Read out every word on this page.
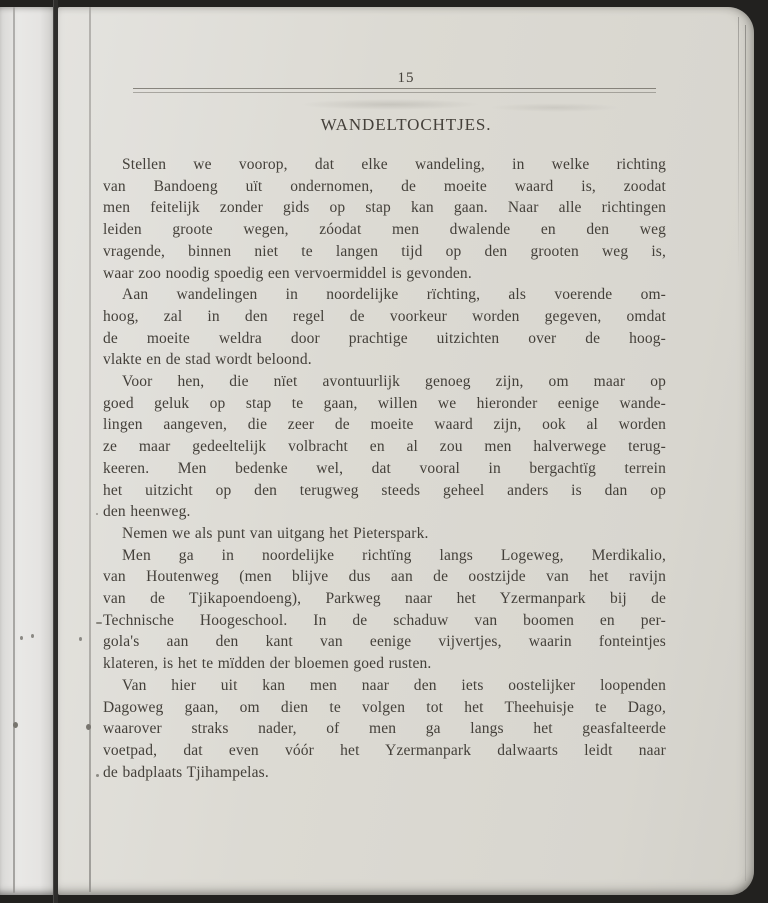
15
WANDELTOCHTJES.
Stellen we voorop, dat elke wandeling, in welke richting
van Bandoeng uït ondernomen, de moeite waard is, zoodat
men feitelijk zonder gids op stap kan gaan. Naar alle richtingen
leiden groote wegen, zóodat men dwalende en den weg
vragende, binnen niet te langen tijd op den grooten weg is,
waar zoo noodig spoedig een vervoermiddel is gevonden.
Aan wandelingen in noordelijke rïchting, als voerende om-
hoog, zal in den regel de voorkeur worden gegeven, omdat
de moeite weldra door prachtige uitzichten over de hoog-
vlakte en de stad wordt beloond.
Voor hen, die nïet avontuurlijk genoeg zijn, om maar op
goed geluk op stap te gaan, willen we hieronder eenige wande-
lingen aangeven, die zeer de moeite waard zijn, ook al worden
ze maar gedeeltelijk volbracht en al zou men halverwege terug-
keeren. Men bedenke wel, dat vooral in bergachtïg terrein
het uitzicht op den terugweg steeds geheel anders is dan op
den heenweg.
Nemen we als punt van uitgang het Pieterspark.
Men ga in noordelijke richtïng langs Logeweg, Merdikalio,
van Houtenweg (men blijve dus aan de oostzijde van het ravijn
van de Tjikapoendoeng), Parkweg naar het Yzermanpark bij de
Technische Hoogeschool. In de schaduw van boomen en per-
gola's aan den kant van eenige vijvertjes, waarin fonteintjes
klateren, is het te mïdden der bloemen goed rusten.
Van hier uit kan men naar den iets oostelijker loopenden
Dagoweg gaan, om dien te volgen tot het Theehuisje te Dago,
waarover straks nader, of men ga langs het geasfalteerde
voetpad, dat even vóór het Yzermanpark dalwaarts leidt naar
de badplaats Tjihampelas.
